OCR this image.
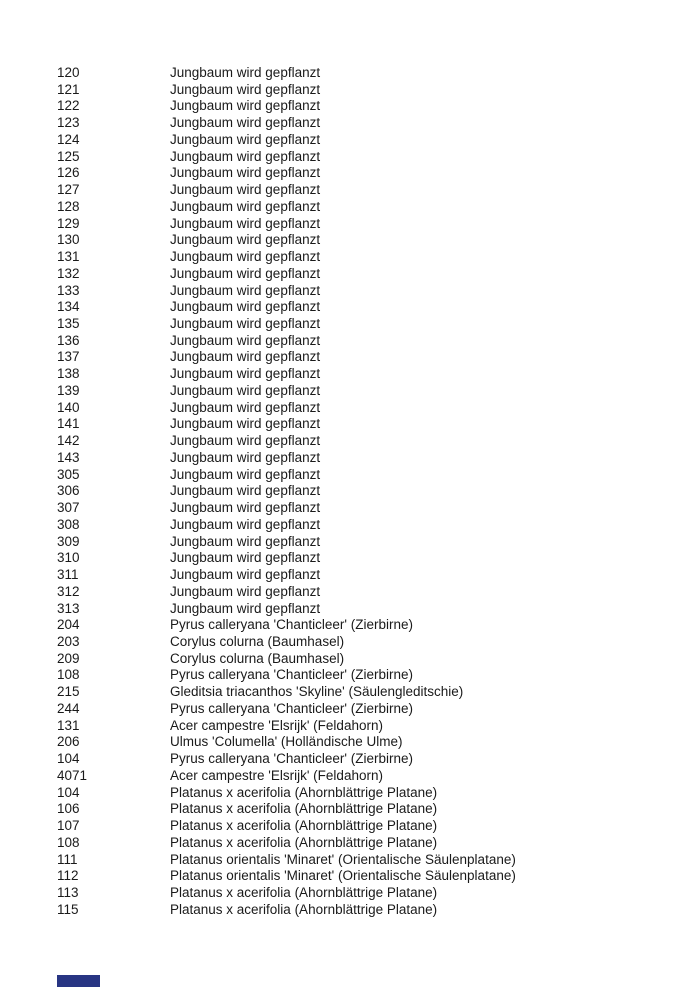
120	Jungbaum wird gepflanzt
121	Jungbaum wird gepflanzt
122	Jungbaum wird gepflanzt
123	Jungbaum wird gepflanzt
124	Jungbaum wird gepflanzt
125	Jungbaum wird gepflanzt
126	Jungbaum wird gepflanzt
127	Jungbaum wird gepflanzt
128	Jungbaum wird gepflanzt
129	Jungbaum wird gepflanzt
130	Jungbaum wird gepflanzt
131	Jungbaum wird gepflanzt
132	Jungbaum wird gepflanzt
133	Jungbaum wird gepflanzt
134	Jungbaum wird gepflanzt
135	Jungbaum wird gepflanzt
136	Jungbaum wird gepflanzt
137	Jungbaum wird gepflanzt
138	Jungbaum wird gepflanzt
139	Jungbaum wird gepflanzt
140	Jungbaum wird gepflanzt
141	Jungbaum wird gepflanzt
142	Jungbaum wird gepflanzt
143	Jungbaum wird gepflanzt
305	Jungbaum wird gepflanzt
306	Jungbaum wird gepflanzt
307	Jungbaum wird gepflanzt
308	Jungbaum wird gepflanzt
309	Jungbaum wird gepflanzt
310	Jungbaum wird gepflanzt
311	Jungbaum wird gepflanzt
312	Jungbaum wird gepflanzt
313	Jungbaum wird gepflanzt
204	Pyrus calleryana 'Chanticleer' (Zierbirne)
203	Corylus colurna (Baumhasel)
209	Corylus colurna (Baumhasel)
108	Pyrus calleryana 'Chanticleer' (Zierbirne)
215	Gleditsia triacanthos 'Skyline' (Säulengleditschie)
244	Pyrus calleryana 'Chanticleer' (Zierbirne)
131	Acer campestre 'Elsrijk' (Feldahorn)
206	Ulmus 'Columella' (Holländische Ulme)
104	Pyrus calleryana 'Chanticleer' (Zierbirne)
4071	Acer campestre 'Elsrijk' (Feldahorn)
104	Platanus x acerifolia (Ahornblättrige Platane)
106	Platanus x acerifolia (Ahornblättrige Platane)
107	Platanus x acerifolia (Ahornblättrige Platane)
108	Platanus x acerifolia (Ahornblättrige Platane)
111	Platanus orientalis 'Minaret' (Orientalische Säulenplatane)
112	Platanus orientalis 'Minaret' (Orientalische Säulenplatane)
113	Platanus x acerifolia (Ahornblättrige Platane)
115	Platanus x acerifolia (Ahornblättrige Platane)
